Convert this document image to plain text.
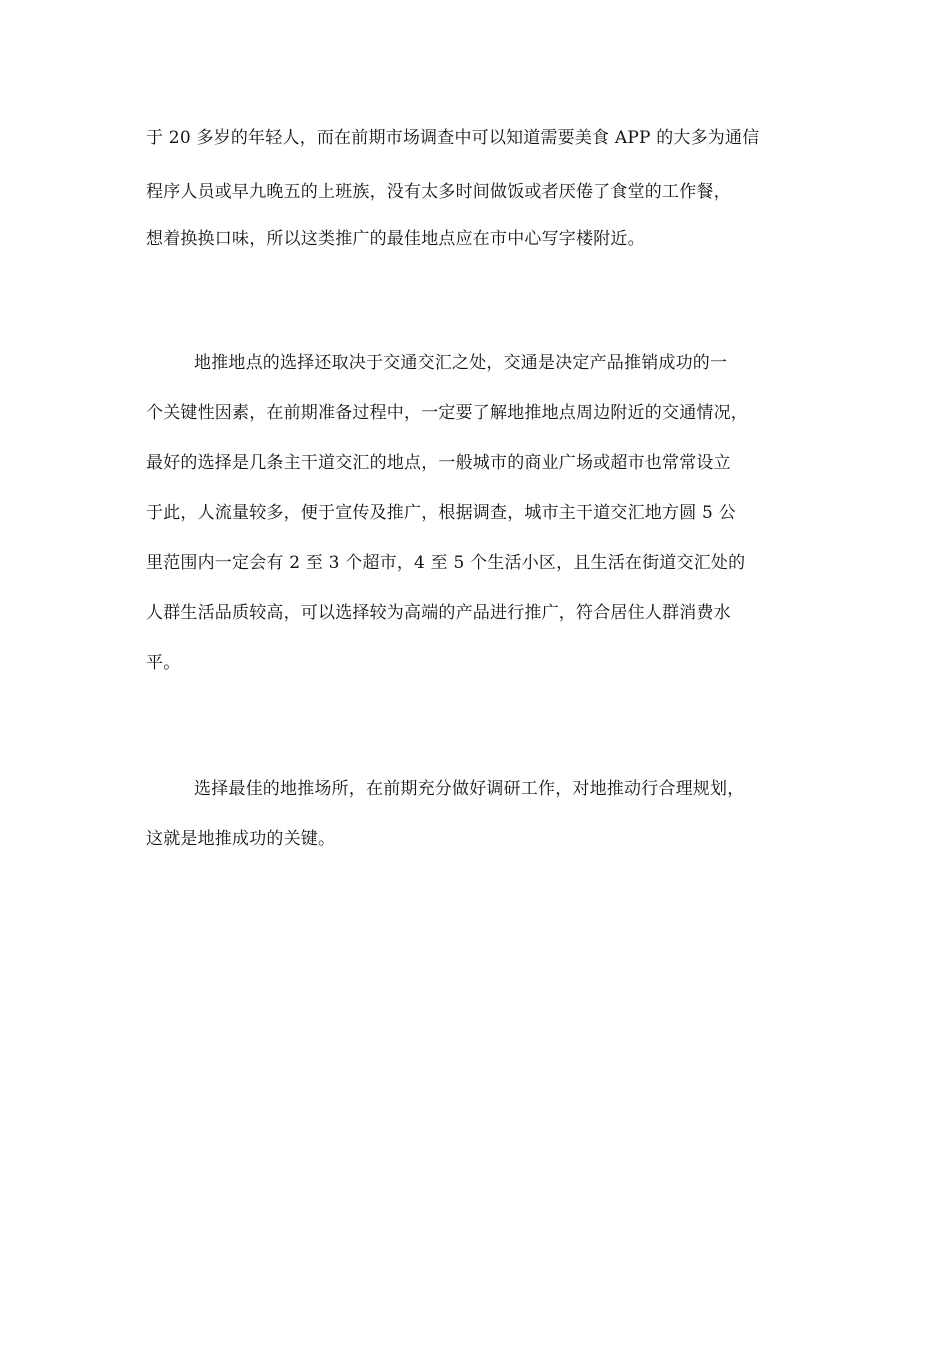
于 20 多岁的年轻人，而在前期市场调查中可以知道需要美食 APP 的大多为通信
程序人员或早九晚五的上班族，没有太多时间做饭或者厌倦了食堂的工作餐，
想着换换口味，所以这类推广的最佳地点应在市中心写字楼附近。
地推地点的选择还取决于交通交汇之处，交通是决定产品推销成功的一
个关键性因素，在前期准备过程中，一定要了解地推地点周边附近的交通情况，
最好的选择是几条主干道交汇的地点，一般城市的商业广场或超市也常常设立
于此，人流量较多，便于宣传及推广，根据调查，城市主干道交汇地方圆 5 公
里范围内一定会有 2 至 3 个超市，4 至 5 个生活小区，且生活在街道交汇处的
人群生活品质较高，可以选择较为高端的产品进行推广，符合居住人群消费水
平。
选择最佳的地推场所，在前期充分做好调研工作，对地推动行合理规划，
这就是地推成功的关键。
